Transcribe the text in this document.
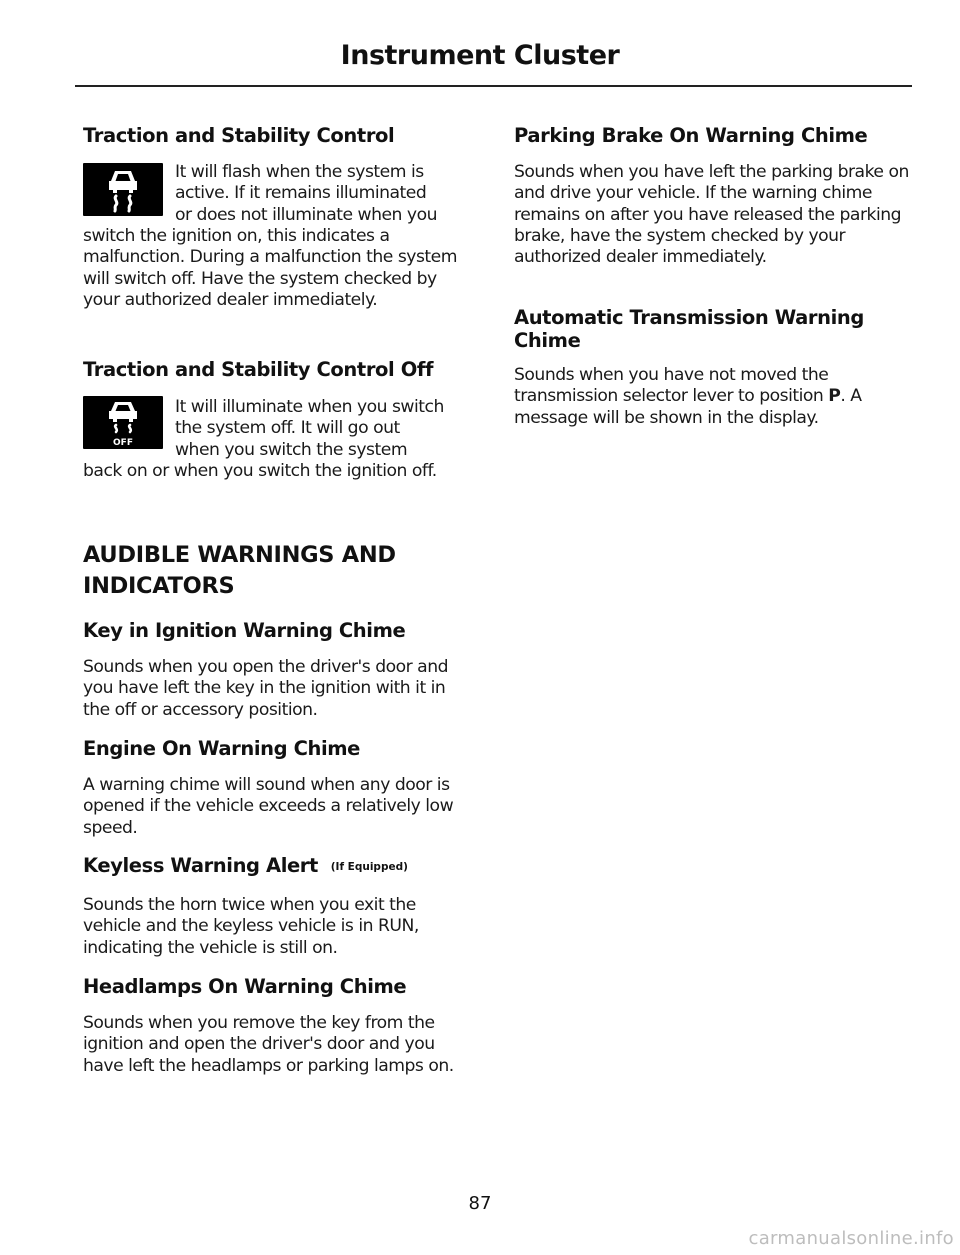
Instrument Cluster
Traction and Stability Control

It will flash when the system is
active. If it remains illuminated
or does not illuminate when you

switch the ignition on, this indicates a malfunction. During a malfunction the system will switch off. Have the system checked by your authorized dealer immediately.

Traction and Stability Control Off
OFF

It will illuminate when you switch
the system off. It will go out
when you switch the system

back on or when you switch the ignition off.

AUDIBLE WARNINGS AND INDICATORS
Key in Ignition Warning Chime

Sounds when you open the driver's door and you have left the key in the ignition with it in the off or accessory position.

Engine On Warning Chime

A warning chime will sound when any door is opened if the vehicle exceeds a relatively low speed.

Keyless Warning Alert (If Equipped)

Sounds the horn twice when you exit the vehicle and the keyless vehicle is in RUN, indicating the vehicle is still on.

Headlamps On Warning Chime

Sounds when you remove the key from the ignition and open the driver's door and you have left the headlamps or parking lamps on.

Parking Brake On Warning Chime

Sounds when you have left the parking brake on and drive your vehicle. If the warning chime remains on after you have released the parking brake, have the system checked by your authorized dealer immediately.

Automatic Transmission Warning Chime

Sounds when you have not moved the transmission selector lever to position P. A message will be shown in the display.

87
carmanualsonline.info
